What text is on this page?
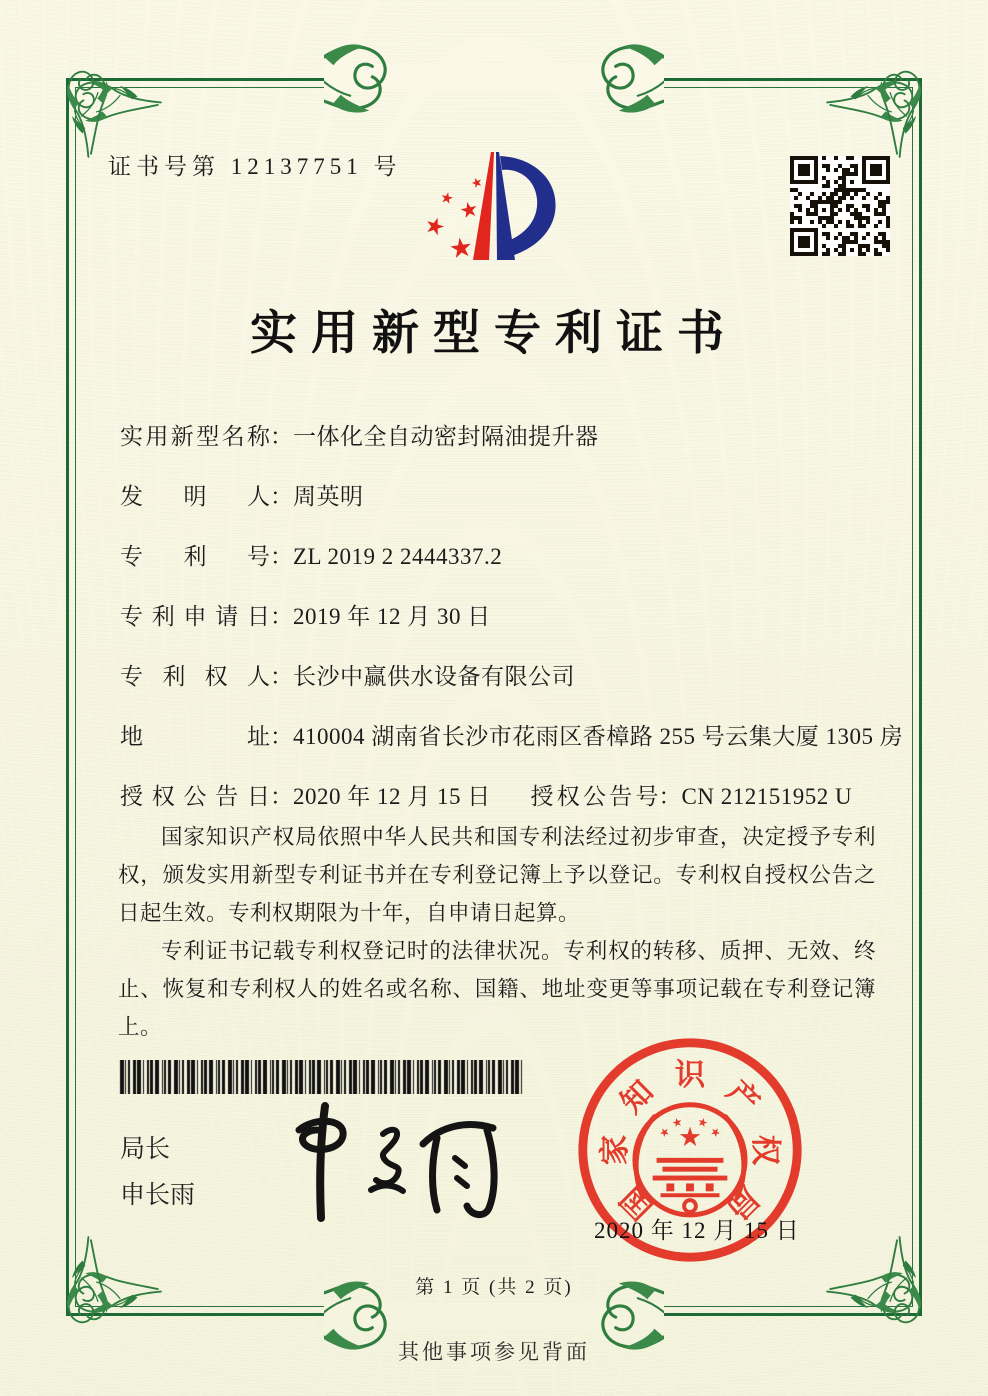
证书号第 12137751 号
★
★ ★
★
★
实用新型专利证书
实用新型名称：一体化全自动密封隔油提升器
发明人：周英明
专利号：ZL 2019 2 2444337.2
专利申请日：2019 年 12 月 30 日
专利权人：长沙中赢供水设备有限公司
地址：410004 湖南省长沙市花雨区香樟路 255 号云集大厦 1305 房
授权公告日：2020 年 12 月 15 日 授权公告号：CN 212151952 U

国家知识产权局依照中华人民共和国专利法经过初步审查，决定授予专利权，颁发实用新型专利证书并在专利登记簿上予以登记。专利权自授权公告之日起生效。专利权期限为十年，自申请日起算。

专利证书记载专利权登记时的法律状况。专利权的转移、质押、无效、终止、恢复和专利权人的姓名或名称、国籍、地址变更等事项记载在专利登记簿上。

局长
申长雨	国
家
知 识 产
权
局
★
★
★ ★
★
2020 年 12 月 15 日
第 1 页 (共 2 页)
其他事项参见背面
